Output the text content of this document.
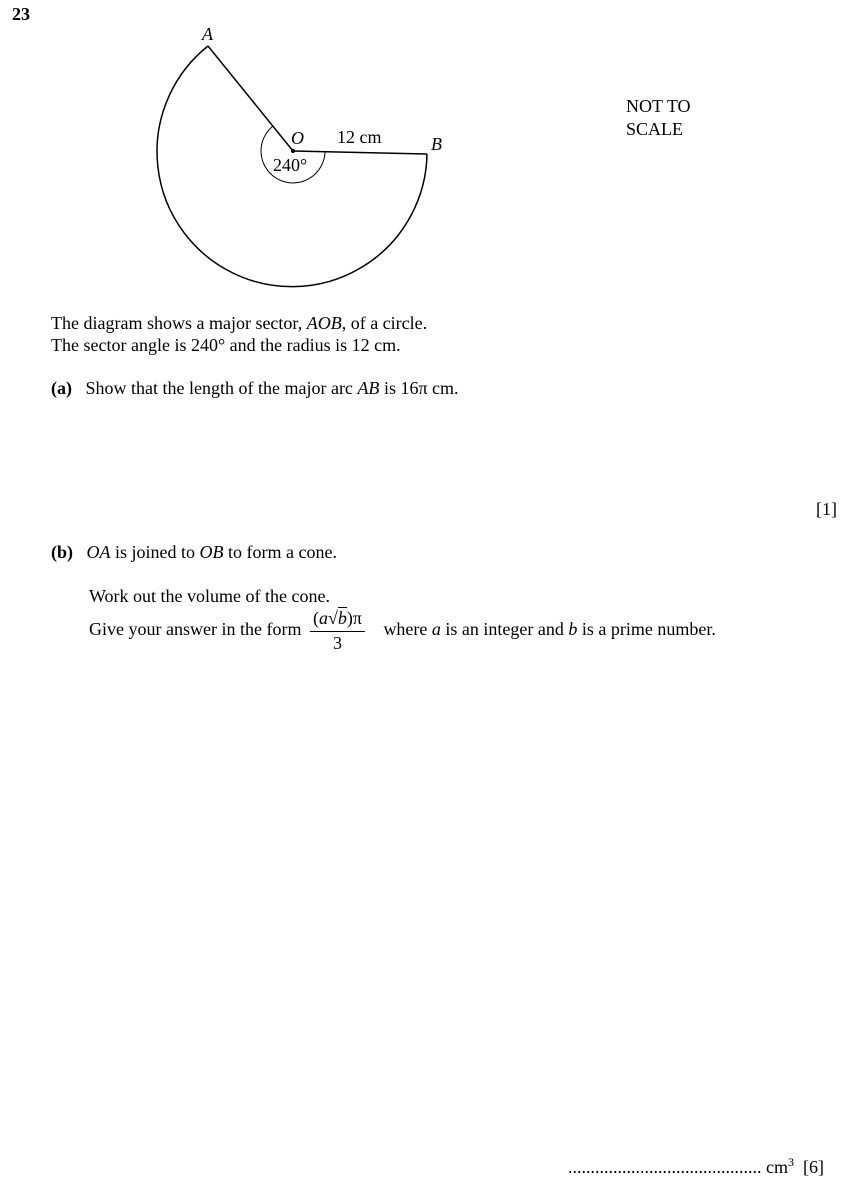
23
A
O	B
12 cm
240°
NOT TO
SCALE
The diagram shows a major sector, AOB, of a circle.
The sector angle is 240° and the radius is 12 cm.
(a) Show that the length of the major arc AB is 16π cm.
[1]
(b) OA is joined to OB to form a cone.
Work out the volume of the cone.
Give your answer in the form $\frac{(a√b)\pi}{3}$ where a is an integer and b is a prime number.
........................................... $cm^3$ [6]
